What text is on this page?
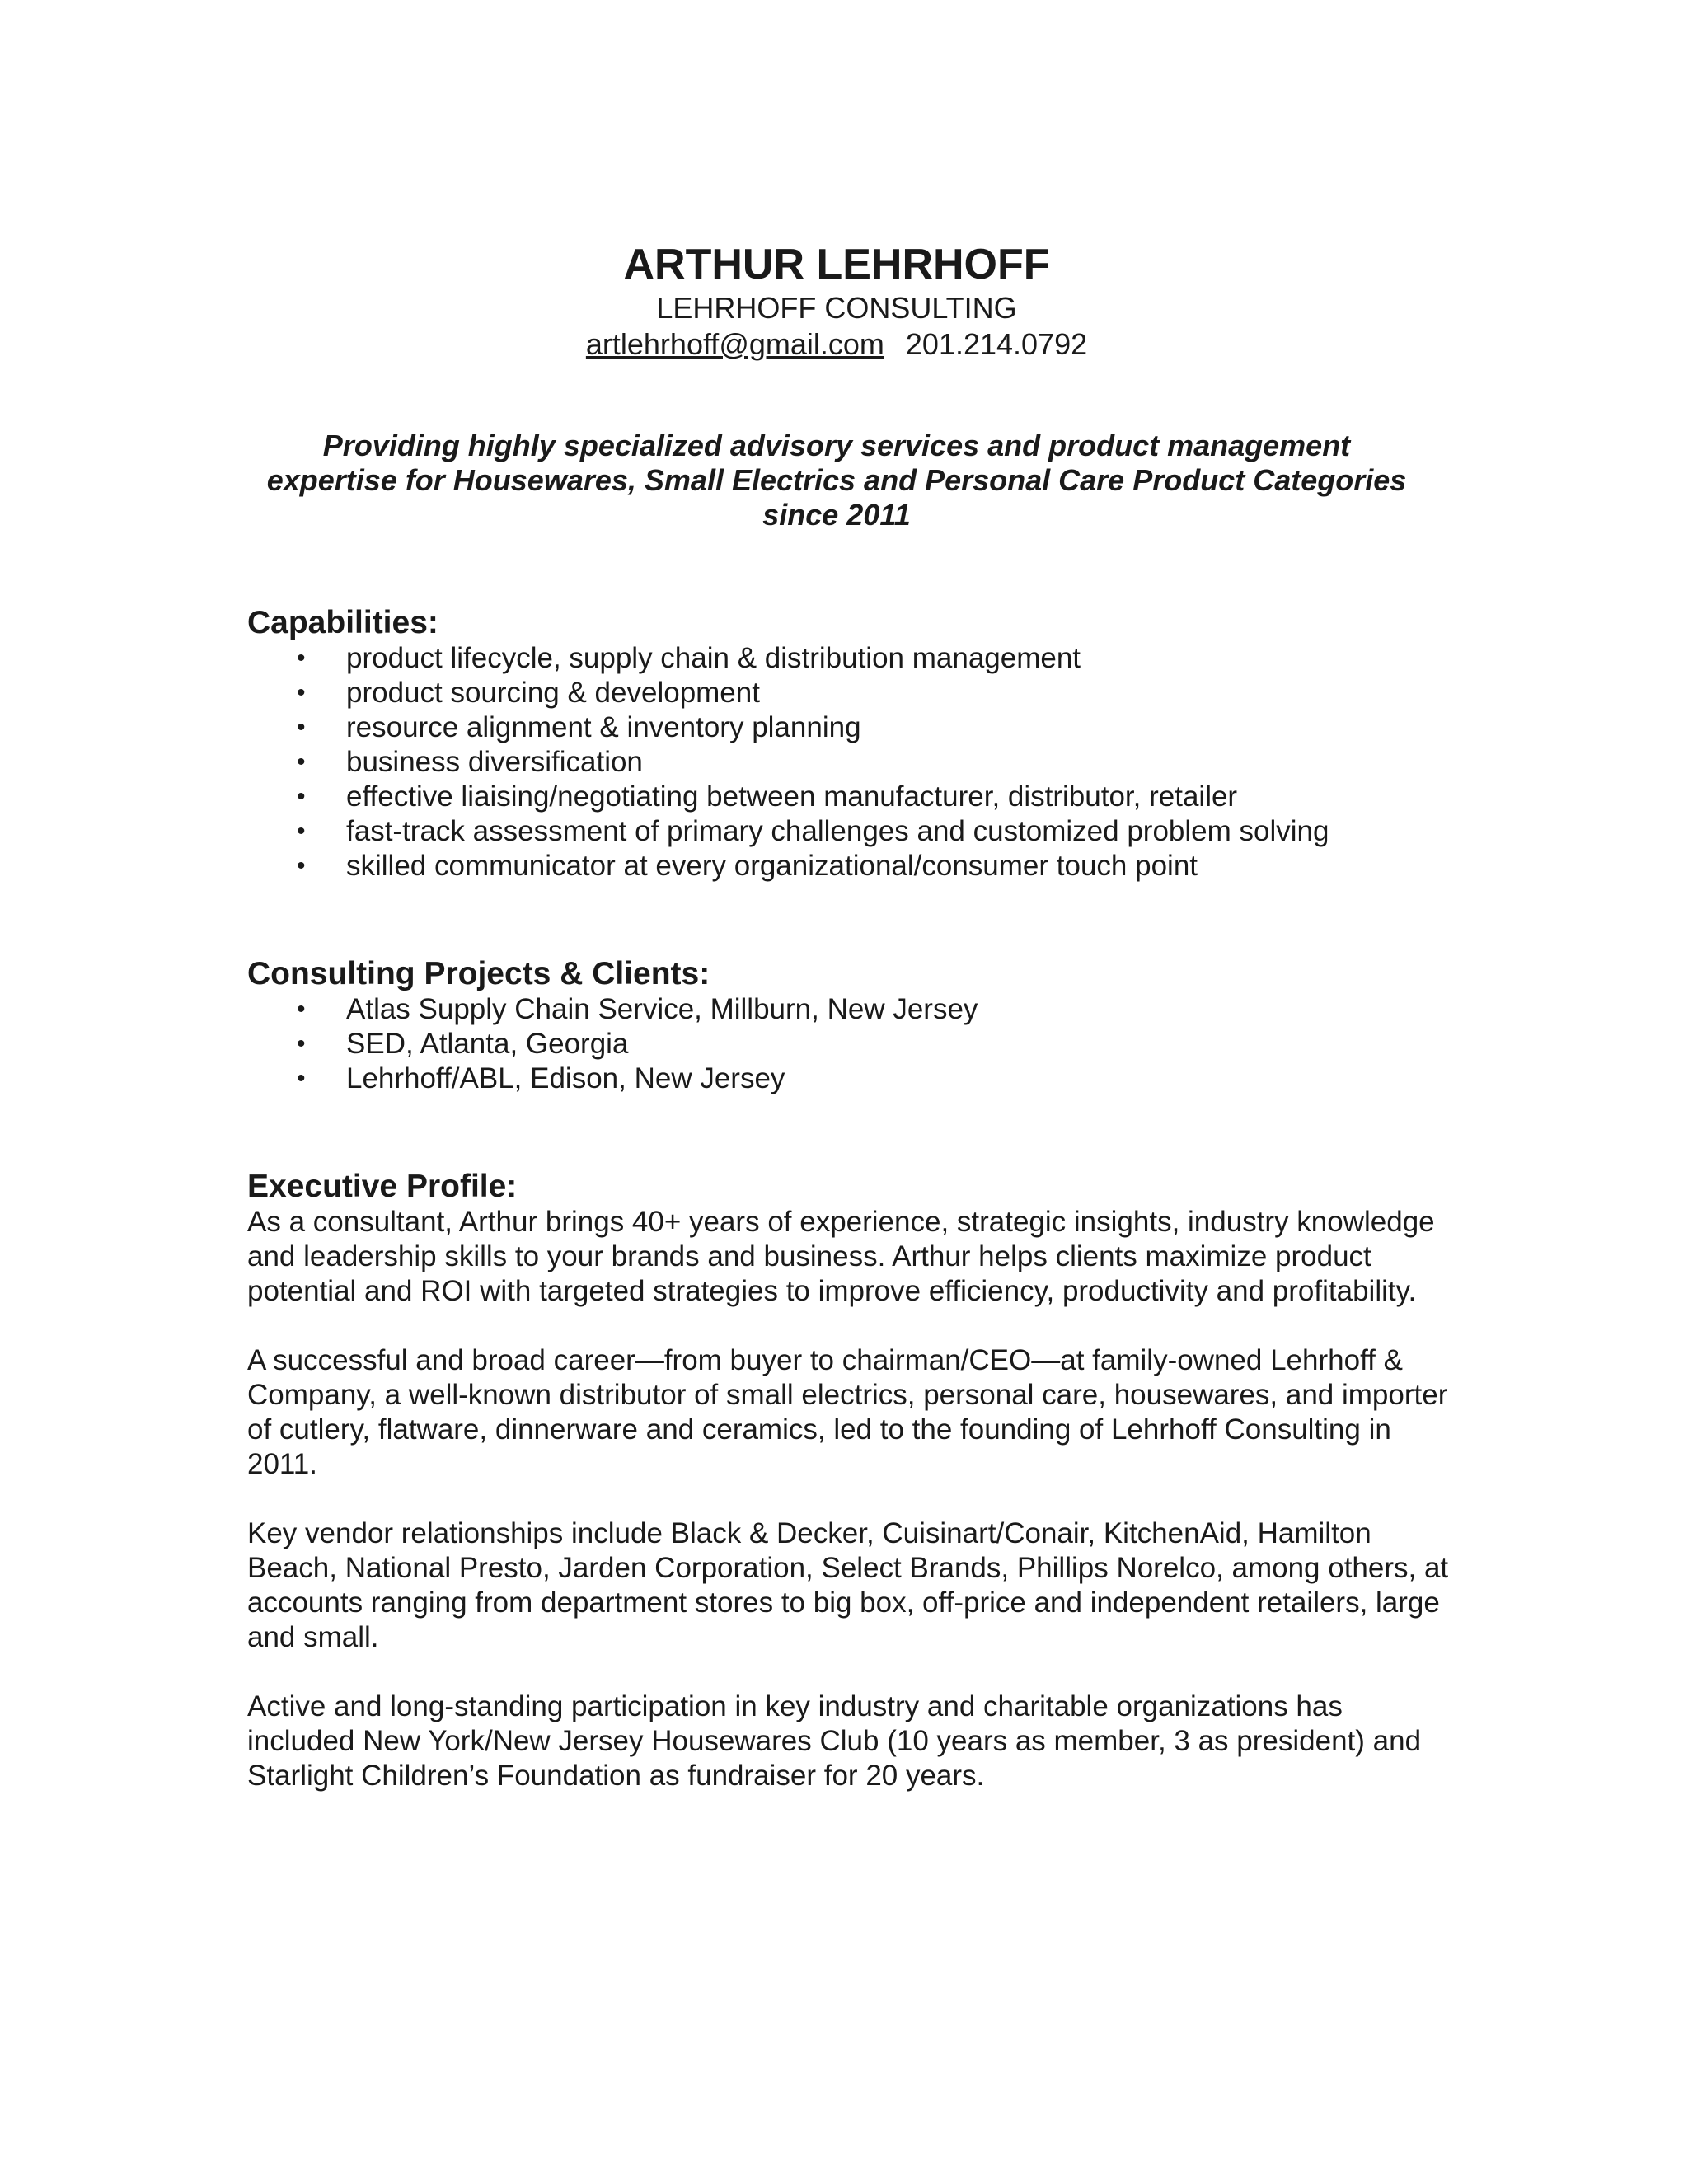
ARTHUR LEHRHOFF

LEHRHOFF CONSULTING

artlehrhoff@gmail.com 201.214.0792

Providing highly specialized advisory services and product management
expertise for Housewares, Small Electrics and Personal Care Product Categories
since 2011
Capabilities:
• product lifecycle, supply chain & distribution management
• product sourcing & development
• resource alignment & inventory planning
• business diversification
• effective liaising/negotiating between manufacturer, distributor, retailer
• fast-track assessment of primary challenges and customized problem solving
• skilled communicator at every organizational/consumer touch point
Consulting Projects & Clients:
• Atlas Supply Chain Service, Millburn, New Jersey
• SED, Atlanta, Georgia
• Lehrhoff/ABL, Edison, New Jersey
Executive Profile:

As a consultant, Arthur brings 40+ years of experience, strategic insights, industry knowledge and leadership skills to your brands and business. Arthur helps clients maximize product potential and ROI with targeted strategies to improve efficiency, productivity and profitability.

A successful and broad career—from buyer to chairman/CEO—at family-owned Lehrhoff & Company, a well-known distributor of small electrics, personal care, housewares, and importer of cutlery, flatware, dinnerware and ceramics, led to the founding of Lehrhoff Consulting in 2011.

Key vendor relationships include Black & Decker, Cuisinart/Conair, KitchenAid, Hamilton Beach, National Presto, Jarden Corporation, Select Brands, Phillips Norelco, among others, at accounts ranging from department stores to big box, off-price and independent retailers, large and small.

Active and long-standing participation in key industry and charitable organizations has included New York/New Jersey Housewares Club (10 years as member, 3 as president) and Starlight Children’s Foundation as fundraiser for 20 years.
